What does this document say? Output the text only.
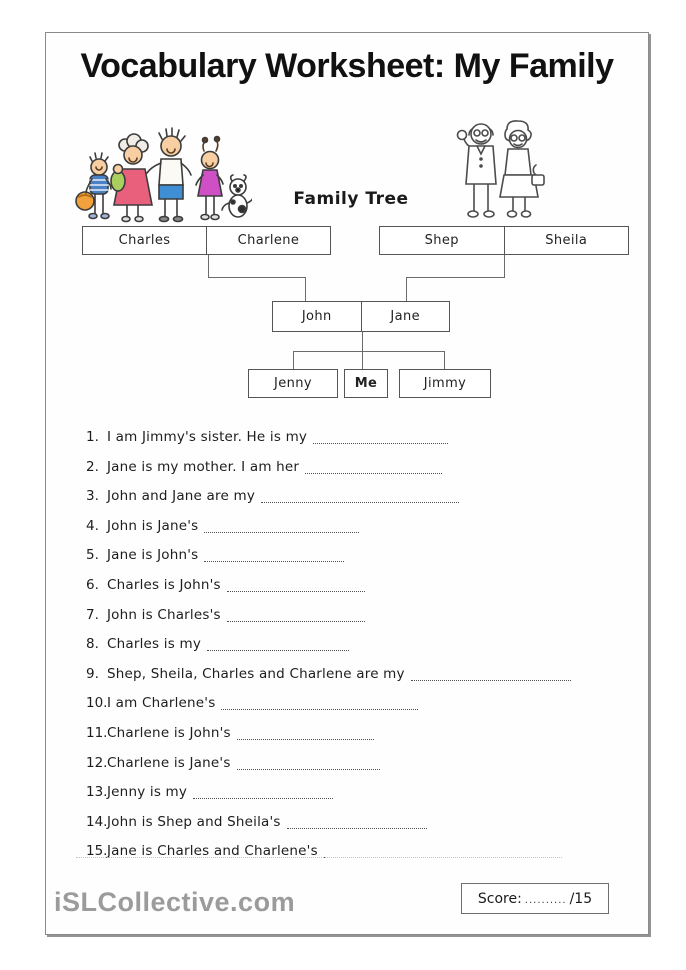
Vocabulary Worksheet: My Family
Family Tree
Charles	Charlene	Shep	Sheila
John	Jane
Jenny	Me	Jimmy
1. I am Jimmy's sister. He is my
2. Jane is my mother. I am her
3. John and Jane are my
4. John is Jane's
5. Jane is John's
6. Charles is John's
7. John is Charles's
8. Charles is my
9. Shep, Sheila, Charles and Charlene are my
10. I am Charlene's
11. Charlene is John's
12. Charlene is Jane's
13. Jenny is my
14. John is Shep and Sheila's
15. Jane is Charles and Charlene's
iSLCollective.com	Score: .......... /15
